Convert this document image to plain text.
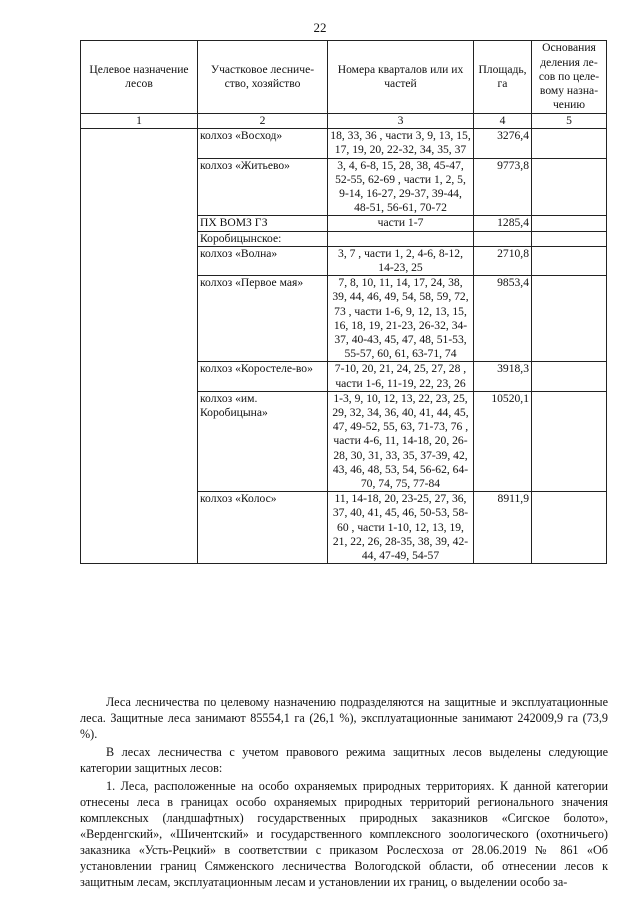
22
Целевое назначение лесов	Участковое лесниче-ство, хозяйство	Номера кварталов или их частей	Площадь, га	Основания деления ле-сов по целе-вому назна-чению
1	2	3	4	5
	колхоз «Восход»	18, 33, 36 , части 3, 9, 13, 15, 17, 19, 20, 22-32, 34, 35, 37	3276,4	
	колхоз «Житьево»	3, 4, 6-8, 15, 28, 38, 45-47, 52-55, 62-69 , части 1, 2, 5, 9-14, 16-27, 29-37, 39-44, 48-51, 56-61, 70-72	9773,8	
	ПХ ВОМЗ ГЗ	части 1-7	1285,4	
	Коробицынское:			
	колхоз «Волна»	3, 7 , части 1, 2, 4-6, 8-12, 14-23, 25	2710,8	
	колхоз «Первое мая»	7, 8, 10, 11, 14, 17, 24, 38, 39, 44, 46, 49, 54, 58, 59, 72, 73 , части 1-6, 9, 12, 13, 15, 16, 18, 19, 21-23, 26-32, 34-37, 40-43, 45, 47, 48, 51-53, 55-57, 60, 61, 63-71, 74	9853,4	
	колхоз «Коростеле-во»	7-10, 20, 21, 24, 25, 27, 28 , части 1-6, 11-19, 22, 23, 26	3918,3	
	колхоз «им. Коробицына»	1-3, 9, 10, 12, 13, 22, 23, 25, 29, 32, 34, 36, 40, 41, 44, 45, 47, 49-52, 55, 63, 71-73, 76 , части 4-6, 11, 14-18, 20, 26-28, 30, 31, 33, 35, 37-39, 42, 43, 46, 48, 53, 54, 56-62, 64-70, 74, 75, 77-84	10520,1	
	колхоз «Колос»	11, 14-18, 20, 23-25, 27, 36, 37, 40, 41, 45, 46, 50-53, 58-60 , части 1-10, 12, 13, 19, 21, 22, 26, 28-35, 38, 39, 42-44, 47-49, 54-57	8911,9	

Леса лесничества по целевому назначению подразделяются на защитные и эксплуатационные леса. Защитные леса занимают 85554,1 га (26,1 %), эксплуатационные занимают 242009,9 га (73,9 %).

В лесах лесничества с учетом правового режима защитных лесов выделены следующие категории защитных лесов:

1. Леса, расположенные на особо охраняемых природных территориях. К данной категории отнесены леса в границах особо охраняемых природных территорий регионального значения комплексных (ландшафтных) государственных природных заказников «Сигское болото», «Верденгский», «Шичентский» и государственного комплексного зоологического (охотничьего) заказника «Усть-Рецкий» в соответствии с приказом Рослесхоза от 28.06.2019 № 861 «Об установлении границ Сямженского лесничества Вологодской области, об отнесении лесов к защитным лесам, эксплуатационным лесам и установлении их границ, о выделении особо за-
